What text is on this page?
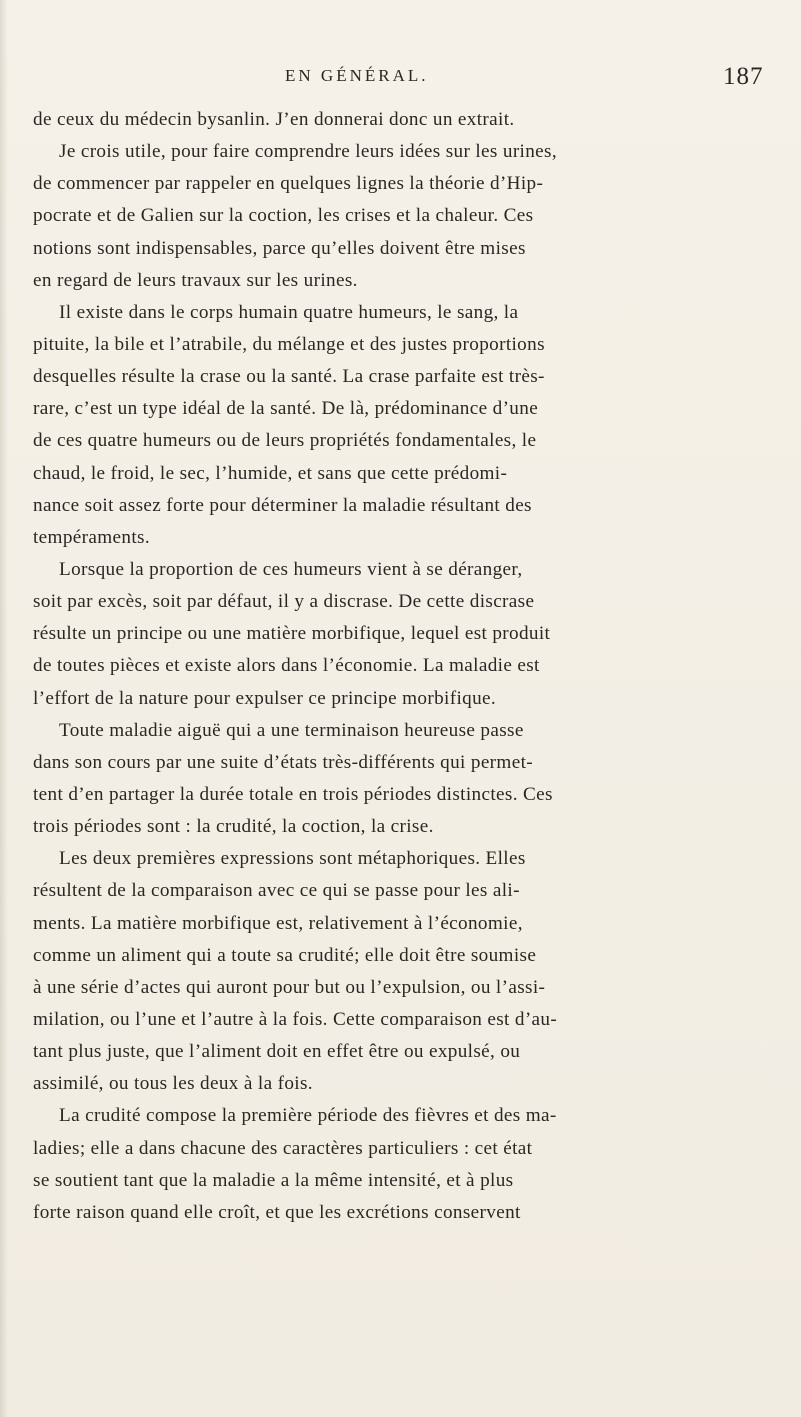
EN GÉNÉRAL.	187
de ceux du médecin bysanlin. J’en donnerai donc un extrait.
Je crois utile, pour faire comprendre leurs idées sur les urines,
de commencer par rappeler en quelques lignes la théorie d’Hip-
pocrate et de Galien sur la coction, les crises et la chaleur. Ces
notions sont indispensables, parce qu’elles doivent être mises
en regard de leurs travaux sur les urines.
Il existe dans le corps humain quatre humeurs, le sang, la
pituite, la bile et l’atrabile, du mélange et des justes proportions
desquelles résulte la crase ou la santé. La crase parfaite est très-
rare, c’est un type idéal de la santé. De là, prédominance d’une
de ces quatre humeurs ou de leurs propriétés fondamentales, le
chaud, le froid, le sec, l’humide, et sans que cette prédomi-
nance soit assez forte pour déterminer la maladie résultant des
tempéraments.
Lorsque la proportion de ces humeurs vient à se déranger,
soit par excès, soit par défaut, il y a discrase. De cette discrase
résulte un principe ou une matière morbifique, lequel est produit
de toutes pièces et existe alors dans l’économie. La maladie est
l’effort de la nature pour expulser ce principe morbifique.
Toute maladie aiguë qui a une terminaison heureuse passe
dans son cours par une suite d’états très-différents qui permet-
tent d’en partager la durée totale en trois périodes distinctes. Ces
trois périodes sont : la crudité, la coction, la crise.
Les deux premières expressions sont métaphoriques. Elles
résultent de la comparaison avec ce qui se passe pour les ali-
ments. La matière morbifique est, relativement à l’économie,
comme un aliment qui a toute sa crudité; elle doit être soumise
à une série d’actes qui auront pour but ou l’expulsion, ou l’assi-
milation, ou l’une et l’autre à la fois. Cette comparaison est d’au-
tant plus juste, que l’aliment doit en effet être ou expulsé, ou
assimilé, ou tous les deux à la fois.
La crudité compose la première période des fièvres et des ma-
ladies; elle a dans chacune des caractères particuliers : cet état
se soutient tant que la maladie a la même intensité, et à plus
forte raison quand elle croît, et que les excrétions conservent
